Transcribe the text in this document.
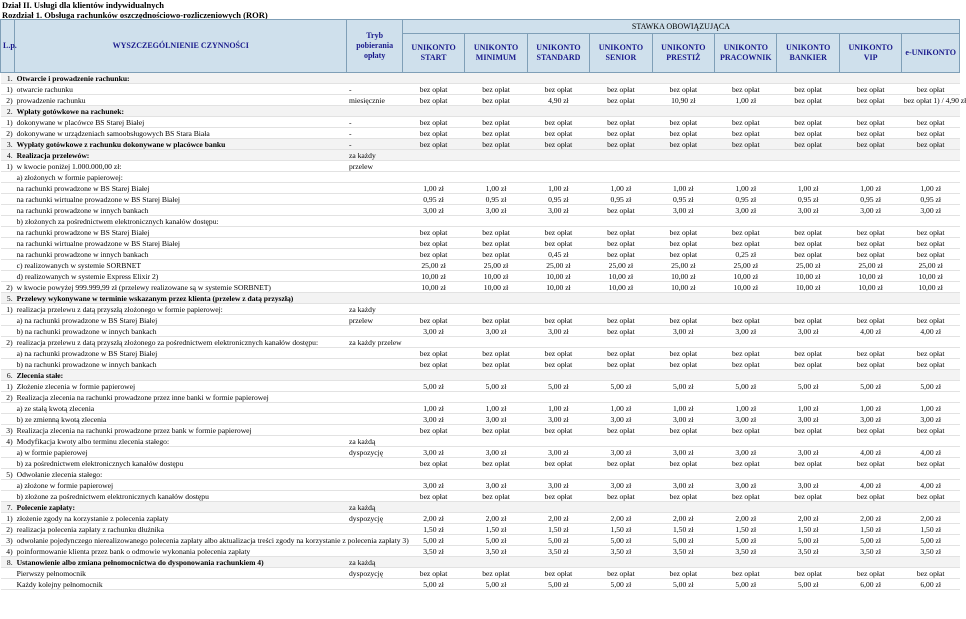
Dział II. Usługi dla klientów indywidualnych
Rozdział 1. Obsługa rachunków oszczędnościowo-rozliczeniowych (ROR)
L.p.	WYSZCZEGÓLNIENIE CZYNNOŚCI	Tryb pobierania opłaty	STAWKA OBOWIĄZUJĄCA								
			UNIKONTO START	UNIKONTO MINIMUM	UNIKONTO STANDARD	UNIKONTO SENIOR	UNIKONTO PRESTIŻ	UNIKONTO PRACOWNIK	UNIKONTO BANKIER	UNIKONTO VIP	e-UNIKONTO
1.	Otwarcie i prowadzenie rachunku:										
1)	otwarcie rachunku	-	bez opłat	bez opłat	bez opłat	bez opłat	bez opłat	bez opłat	bez opłat	bez opłat	bez opłat
2)	prowadzenie rachunku	miesięcznie	bez opłat	bez opłat	4,90 zł	bez opłat	10,90 zł	1,00 zł	bez opłat	bez opłat	bez opłat 1) / 4,90 zł
2.	Wpłaty gotówkowe na rachunek:										
1)	dokonywane w placówce BS Starej Białej	-	bez opłat	bez opłat	bez opłat	bez opłat	bez opłat	bez opłat	bez opłat	bez opłat	bez opłat
2)	dokonywane w urządzeniach samoobsługowych BS Stara Biała	-	bez opłat	bez opłat	bez opłat	bez opłat	bez opłat	bez opłat	bez opłat	bez opłat	bez opłat
3.	Wypłaty gotówkowe z rachunku dokonywane w placówce banku	-	bez opłat	bez opłat	bez opłat	bez opłat	bez opłat	bez opłat	bez opłat	bez opłat	bez opłat
4.	Realizacja przelewów:	za każdy									
1)	w kwocie poniżej 1.000.000,00 zł:	przelew									
	a) złożonych w formie papierowej:										
	na rachunki prowadzone w BS Starej Białej		1,00 zł	1,00 zł	1,00 zł	1,00 zł	1,00 zł	1,00 zł	1,00 zł	1,00 zł	1,00 zł
	na rachunki wirtualne prowadzone w BS Starej Białej		0,95 zł	0,95 zł	0,95 zł	0,95 zł	0,95 zł	0,95 zł	0,95 zł	0,95 zł	0,95 zł
	na rachunki prowadzone w innych bankach		3,00 zł	3,00 zł	3,00 zł	bez opłat	3,00 zł	3,00 zł	3,00 zł	3,00 zł	3,00 zł
	b) złożonych za pośrednictwem elektronicznych kanałów dostępu:										
	na rachunki prowadzone w BS Starej Białej		bez opłat	bez opłat	bez opłat	bez opłat	bez opłat	bez opłat	bez opłat	bez opłat	bez opłat
	na rachunki wirtualne prowadzone w BS Starej Białej		bez opłat	bez opłat	bez opłat	bez opłat	bez opłat	bez opłat	bez opłat	bez opłat	bez opłat
	na rachunki prowadzone w innych bankach		bez opłat	bez opłat	0,45 zł	bez opłat	bez opłat	0,25 zł	bez opłat	bez opłat	bez opłat
	c) realizowanych w systemie SORBNET		25,00 zł	25,00 zł	25,00 zł	25,00 zł	25,00 zł	25,00 zł	25,00 zł	25,00 zł	25,00 zł
	d) realizowanych w systemie Express Elixir 2)		10,00 zł	10,00 zł	10,00 zł	10,00 zł	10,00 zł	10,00 zł	10,00 zł	10,00 zł	10,00 zł
2)	w kwocie powyżej 999.999,99 zł (przelewy realizowane są w systemie SORBNET)		10,00 zł	10,00 zł	10,00 zł	10,00 zł	10,00 zł	10,00 zł	10,00 zł	10,00 zł	10,00 zł
5.	Przelewy wykonywane w terminie wskazanym przez klienta (przelew z datą przyszłą)										
1)	realizacja przelewu z datą przyszłą złożonego w formie papierowej:	za każdy									
	a) na rachunki prowadzone w BS Starej Białej	przelew	bez opłat	bez opłat	bez opłat	bez opłat	bez opłat	bez opłat	bez opłat	bez opłat	bez opłat
	b) na rachunki prowadzone w innych bankach		3,00 zł	3,00 zł	3,00 zł	bez opłat	3,00 zł	3,00 zł	3,00 zł	4,00 zł	4,00 zł
2)	realizacja przelewu z datą przyszłą złożonego za pośrednictwem elektronicznych kanałów dostępu:	za każdy przelew									
	a) na rachunki prowadzone w BS Starej Białej		bez opłat	bez opłat	bez opłat	bez opłat	bez opłat	bez opłat	bez opłat	bez opłat	bez opłat
	b) na rachunki prowadzone w innych bankach		bez opłat	bez opłat	bez opłat	bez opłat	bez opłat	bez opłat	bez opłat	bez opłat	bez opłat
6.	Zlecenia stałe:										
1)	Złożenie zlecenia w formie papierowej		5,00 zł	5,00 zł	5,00 zł	5,00 zł	5,00 zł	5,00 zł	5,00 zł	5,00 zł	5,00 zł
2)	Realizacja zlecenia na rachunki prowadzone przez inne banki w formie papierowej										
	a) ze stałą kwotą zlecenia		1,00 zł	1,00 zł	1,00 zł	1,00 zł	1,00 zł	1,00 zł	1,00 zł	1,00 zł	1,00 zł
	b) ze zmienną kwotą zlecenia		3,00 zł	3,00 zł	3,00 zł	3,00 zł	3,00 zł	3,00 zł	3,00 zł	3,00 zł	3,00 zł
3)	Realizacja zlecenia na rachunki prowadzone przez bank w formie papierowej		bez opłat	bez opłat	bez opłat	bez opłat	bez opłat	bez opłat	bez opłat	bez opłat	bez opłat
4)	Modyfikacja kwoty albo terminu zlecenia stałego:	za każdą									
	a) w formie papierowej	dyspozycję	3,00 zł	3,00 zł	3,00 zł	3,00 zł	3,00 zł	3,00 zł	3,00 zł	4,00 zł	4,00 zł
	b) za pośrednictwem elektronicznych kanałów dostępu		bez opłat	bez opłat	bez opłat	bez opłat	bez opłat	bez opłat	bez opłat	bez opłat	bez opłat
5)	Odwołanie zlecenia stałego:										
	a) złożone w formie papierowej		3,00 zł	3,00 zł	3,00 zł	3,00 zł	3,00 zł	3,00 zł	3,00 zł	4,00 zł	4,00 zł
	b) złożone za pośrednictwem elektronicznych kanałów dostępu		bez opłat	bez opłat	bez opłat	bez opłat	bez opłat	bez opłat	bez opłat	bez opłat	bez opłat
7.	Polecenie zapłaty:	za każdą									
1)	złożenie zgody na korzystanie z polecenia zapłaty	dyspozycję	2,00 zł	2,00 zł	2,00 zł	2,00 zł	2,00 zł	2,00 zł	2,00 zł	2,00 zł	2,00 zł
2)	realizacja polecenia zapłaty z rachunku dłużnika		1,50 zł	1,50 zł	1,50 zł	1,50 zł	1,50 zł	1,50 zł	1,50 zł	1,50 zł	1,50 zł
3)	odwołanie pojedynczego nierealizowanego polecenia zapłaty albo aktualizacja treści zgody na korzystanie z polecenia zapłaty 3)		5,00 zł	5,00 zł	5,00 zł	5,00 zł	5,00 zł	5,00 zł	5,00 zł	5,00 zł	5,00 zł
4)	poinformowanie klienta przez bank o odmowie wykonania polecenia zapłaty		3,50 zł	3,50 zł	3,50 zł	3,50 zł	3,50 zł	3,50 zł	3,50 zł	3,50 zł	3,50 zł
8.	Ustanowienie albo zmiana pełnomocnictwa do dysponowania rachunkiem 4)	za każdą									
	Pierwszy pełnomocnik	dyspozycję	bez opłat	bez opłat	bez opłat	bez opłat	bez opłat	bez opłat	bez opłat	bez opłat	bez opłat
	Każdy kolejny pełnomocnik		5,00 zł	5,00 zł	5,00 zł	5,00 zł	5,00 zł	5,00 zł	5,00 zł	6,00 zł	6,00 zł
